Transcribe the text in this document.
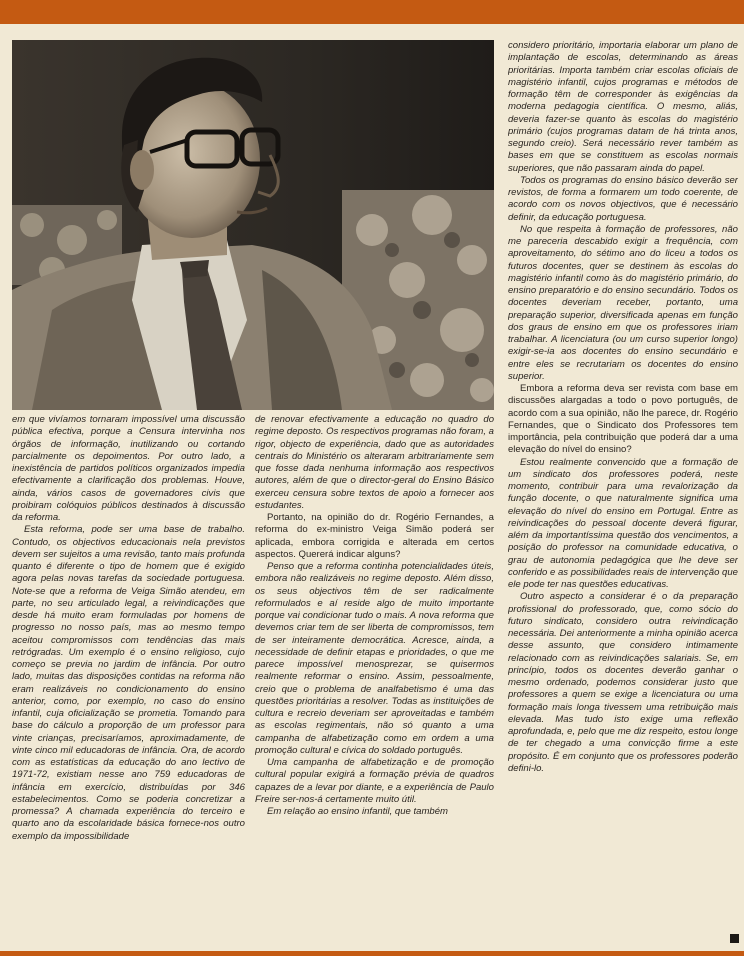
em que vivíamos tornaram impossível uma discussão pública efectiva, porque a Censura intervinha nos órgãos de informação, inutilizando ou cortando parcialmente os depoimentos. Por outro lado, a inexistência de partidos políticos organizados impedia efectivamente a clarificação dos problemas. Houve, ainda, vários casos de governadores civis que proibiram colóquios públicos destinados à discussão da reforma.

Esta reforma, pode ser uma base de trabalho. Contudo, os objectivos educacionais nela previstos devem ser sujeitos a uma revisão, tanto mais profunda quanto é diferente o tipo de homem que é exigido agora pelas novas tarefas da sociedade portuguesa. Note-se que a reforma de Veiga Simão atendeu, em parte, no seu articulado legal, a reivindicações que desde há muito eram formuladas por homens de progresso no nosso país, mas ao mesmo tempo aceitou compromissos com tendências das mais retrógradas. Um exemplo é o ensino religioso, cujo começo se previa no jardim de infância. Por outro lado, muitas das disposições contidas na reforma não eram realizáveis no condicionamento do ensino anterior, como, por exemplo, no caso do ensino infantil, cuja oficialização se prometia. Tomando para base do cálculo a proporção de um professor para vinte crianças, precisaríamos, aproximadamente, de vinte cinco mil educadoras de infância. Ora, de acordo com as estatísticas da educação do ano lectivo de 1971-72, existiam nesse ano 759 educadoras de infância em exercício, distribuídas por 346 estabelecimentos. Como se poderia concretizar a promessa? A chamada experiência do terceiro e quarto ano da escolaridade básica fornece-nos outro exemplo da impossibilidade

de renovar efectivamente a educação no quadro do regime deposto. Os respectivos programas não foram, a rigor, objecto de experiência, dado que as autoridades centrais do Ministério os alteraram arbitrariamente sem que fosse dada nenhuma informação aos respectivos autores, além de que o director-geral do Ensino Básico exerceu censura sobre textos de apoio a fornecer aos estudantes.

Portanto, na opinião do dr. Rogério Fernandes, a reforma do ex-ministro Veiga Simão poderá ser aplicada, embora corrigida e alterada em certos aspectos. Quererá indicar alguns?

Penso que a reforma continha potencialidades úteis, embora não realizáveis no regime deposto. Além disso, os seus objectivos têm de ser radicalmente reformulados e aí reside algo de muito importante porque vai condicionar tudo o mais. A nova reforma que devemos criar tem de ser liberta de compromissos, tem de ser inteiramente democrática. Acresce, ainda, a necessidade de definir etapas e prioridades, o que me parece impossível menosprezar, se quisermos realmente reformar o ensino. Assim, pessoalmente, creio que o problema de analfabetismo é uma das questões prioritárias a resolver. Todas as instituições de cultura e recreio deveriam ser aproveitadas e também as escolas regimentais, não só quanto a uma campanha de alfabetização como em ordem a uma promoção cultural e cívica do soldado português.

Uma campanha de alfabetização e de promoção cultural popular exigirá a formação prévia de quadros capazes de a levar por diante, e a experiência de Paulo Freire ser-nos-á certamente muito útil.

Em relação ao ensino infantil, que também

considero prioritário, importaria elaborar um plano de implantação de escolas, determinando as áreas prioritárias. Importa também criar escolas oficiais de magistério infantil, cujos programas e métodos de formação têm de corresponder às exigências da moderna pedagogia científica. O mesmo, aliás, deveria fazer-se quanto às escolas do magistério primário (cujos programas datam de há trinta anos, segundo creio). Será necessário rever também as bases em que se constituem as escolas normais superiores, que não passaram ainda do papel.

Todos os programas do ensino básico deverão ser revistos, de forma a formarem um todo coerente, de acordo com os novos objectivos, que é necessário definir, da educação portuguesa.

No que respeita à formação de professores, não me pareceria descabido exigir a frequência, com aproveitamento, do sétimo ano do liceu a todos os futuros docentes, quer se destinem às escolas do magistério infantil como às do magistério primário, do ensino preparatório e do ensino secundário. Todos os docentes deveriam receber, portanto, uma preparação superior, diversificada apenas em função dos graus de ensino em que os professores iriam trabalhar. A licenciatura (ou um curso superior longo) exigir-se-ia aos docentes do ensino secundário e entre eles se recrutariam os docentes do ensino superior.

Embora a reforma deva ser revista com base em discussões alargadas a todo o povo português, de acordo com a sua opinião, não lhe parece, dr. Rogério Fernandes, que o Sindicato dos Professores tem importância, pela contribuição que poderá dar a uma elevação do nível do ensino?

Estou realmente convencido que a formação de um sindicato dos professores poderá, neste momento, contribuir para uma revalorização da função docente, o que naturalmente significa uma elevação do nível do ensino em Portugal. Entre as reivindicações do pessoal docente deverá figurar, além da importantíssima questão dos vencimentos, a posição do professor na comunidade educativa, o grau de autonomia pedagógica que lhe deve ser conferido e as possibilidades reais de intervenção que ele pode ter nas questões educativas.

Outro aspecto a considerar é o da preparação profissional do professorado, que, como sócio do futuro sindicato, considero outra reivindicação necessária. Dei anteriormente a minha opinião acerca desse assunto, que considero intimamente relacionado com as reivindicações salariais. Se, em princípio, todos os docentes deverão ganhar o mesmo ordenado, podemos considerar justo que professores a quem se exige a licenciatura ou uma formação mais longa tivessem uma retribuição mais elevada. Mas tudo isto exige uma reflexão aprofundada, e, pelo que me diz respeito, estou longe de ter chegado a uma convicção firme a este propósito. É em conjunto que os professores poderão defini-lo.
